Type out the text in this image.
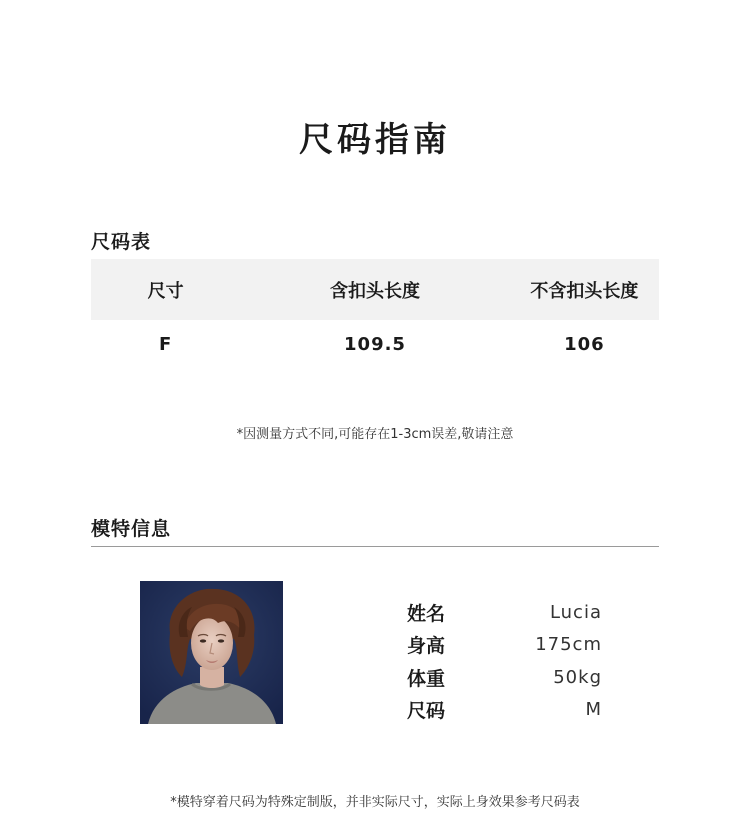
尺码指南
尺码表
尺寸	含扣头长度	不含扣头长度
F	109.5	106
*因测量方式不同,可能存在1-3cm误差,敬请注意
模特信息
姓名	Lucia
身高	175cm
体重	50kg
尺码	M
*模特穿着尺码为特殊定制版，并非实际尺寸，实际上身效果参考尺码表
